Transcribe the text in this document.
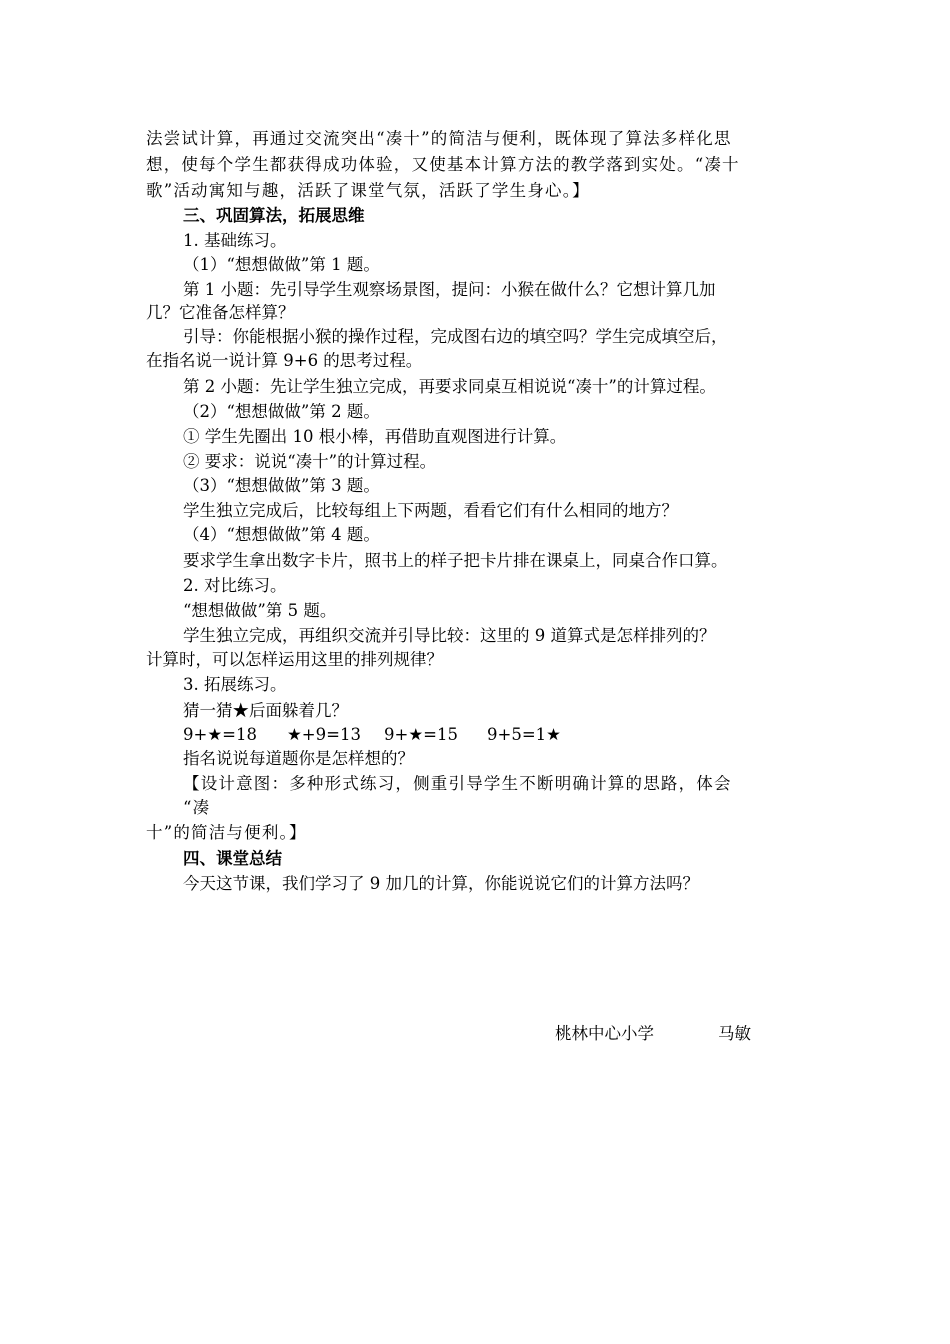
法尝试计算，再通过交流突出“凑十”的简洁与便利，既体现了算法多样化思
想，使每个学生都获得成功体验，又使基本计算方法的教学落到实处。“凑十
歌”活动寓知与趣，活跃了课堂气氛，活跃了学生身心。】
三、巩固算法，拓展思维
1. 基础练习。
（1）“想想做做”第 1 题。
第 1 小题：先引导学生观察场景图，提问：小猴在做什么？它想计算几加
几？它准备怎样算？
引导：你能根据小猴的操作过程，完成图右边的填空吗？学生完成填空后，
在指名说一说计算 9+6 的思考过程。
第 2 小题：先让学生独立完成，再要求同桌互相说说“凑十”的计算过程。
（2）“想想做做”第 2 题。
① 学生先圈出 10 根小棒，再借助直观图进行计算。
② 要求：说说“凑十”的计算过程。
（3）“想想做做”第 3 题。
学生独立完成后，比较每组上下两题，看看它们有什么相同的地方？
（4）“想想做做”第 4 题。
要求学生拿出数字卡片，照书上的样子把卡片排在课桌上，同桌合作口算。
2. 对比练习。
“想想做做”第 5 题。
学生独立完成，再组织交流并引导比较：这里的 9 道算式是怎样排列的？
计算时，可以怎样运用这里的排列规律？
3. 拓展练习。
猜一猜★后面躲着几？
9+★=18 ★+9=13 9+★=15 9+5=1★
指名说说每道题你是怎样想的？
【设计意图：多种形式练习，侧重引导学生不断明确计算的思路，体会
“凑
十”的简洁与便利。】
四、课堂总结
今天这节课，我们学习了 9 加几的计算，你能说说它们的计算方法吗？
桃林中心小学	马敏
